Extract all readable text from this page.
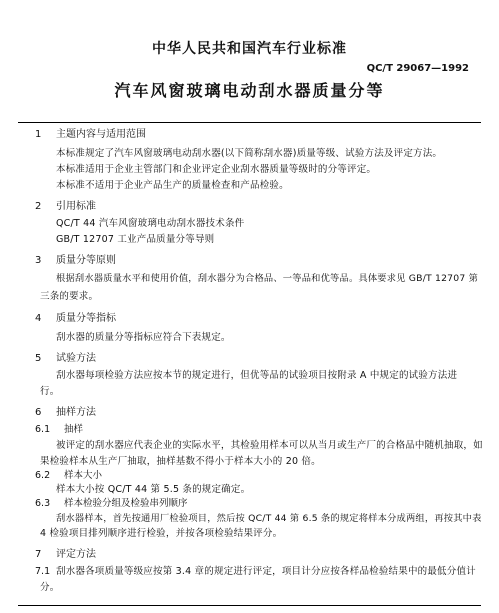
中华人民共和国汽车行业标准
QC/T 29067—1992
汽车风窗玻璃电动刮水器质量分等
1 主题内容与适用范围
本标准规定了汽车风窗玻璃电动刮水器(以下简称刮水器)质量等级、试验方法及评定方法。
本标准适用于企业主管部门和企业评定企业刮水器质量等级时的分等评定。
本标准不适用于企业产品生产的质量检查和产品检验。
2 引用标准
QC/T 44 汽车风窗玻璃电动刮水器技术条件
GB/T 12707 工业产品质量分等导则
3 质量分等原则
根据刮水器质量水平和使用价值，刮水器分为合格品、一等品和优等品。具体要求见 GB/T 12707 第
三条的要求。
4 质量分等指标
刮水器的质量分等指标应符合下表规定。
5 试验方法
刮水器每项检验方法应按本节的规定进行，但优等品的试验项目按附录 A 中规定的试验方法进
行。
6 抽样方法
6.1 抽样
被评定的刮水器应代表企业的实际水平，其检验用样本可以从当月或生产厂的合格品中随机抽取，如
果检验样本从生产厂抽取，抽样基数不得小于样本大小的 20 倍。
6.2 样本大小
样本大小按 QC/T 44 第 5.5 条的规定确定。
6.3 样本检验分组及检验串列顺序
刮水器样本，首先按通用厂检验项目，然后按 QC/T 44 第 6.5 条的规定将样本分成两组，再按其中表
4 检验项目排列顺序进行检验，并按各项检验结果评分。
7 评定方法
7.1 刮水器各项质量等级应按第 3.4 章的规定进行评定，项目计分应按各样品检验结果中的最低分值计
分。
